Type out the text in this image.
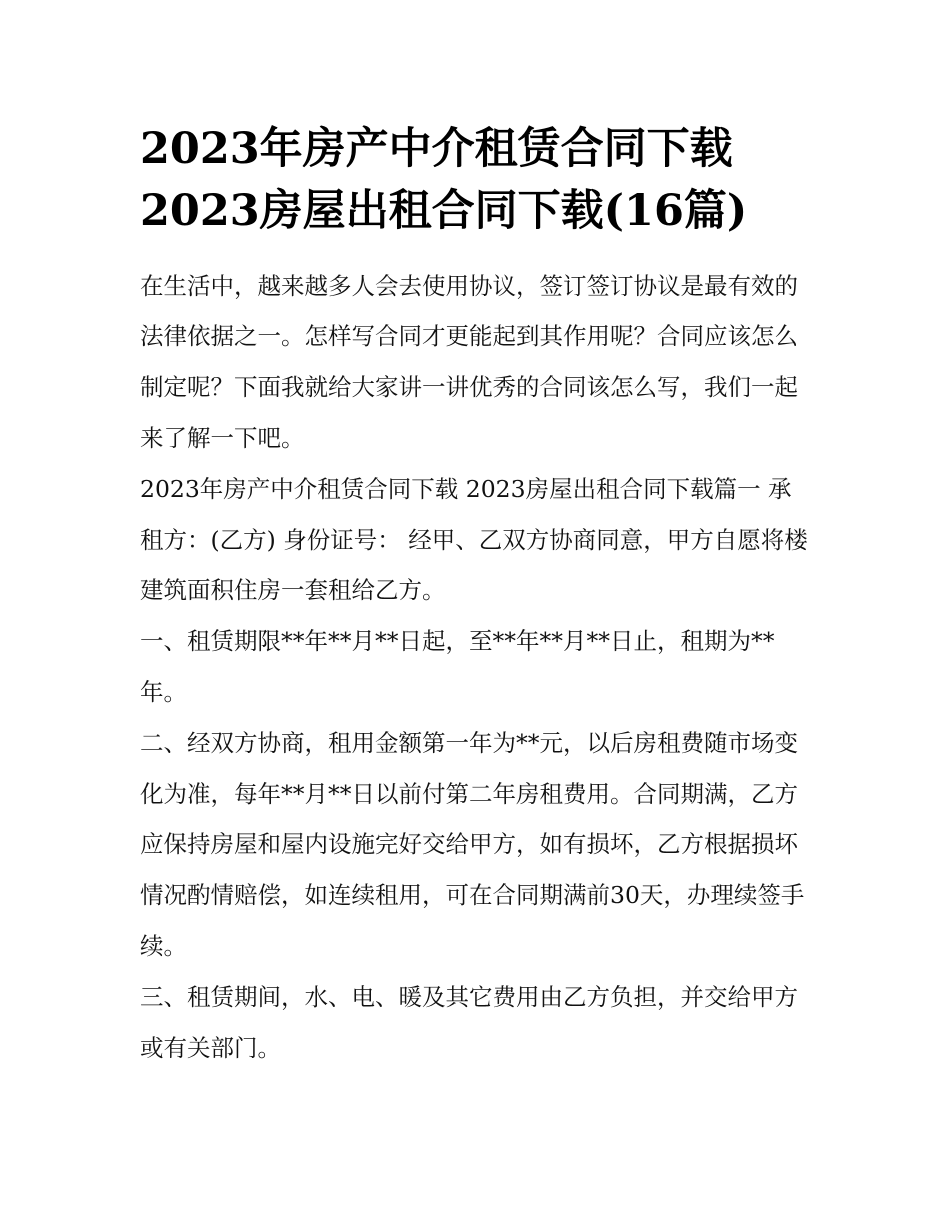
2023年房产中介租赁合同下载
2023房屋出租合同下载(16篇)

在生活中，越来越多人会去使用协议，签订签订协议是最有效的法律依据之一。怎样写合同才更能起到其作用呢？合同应该怎么制定呢？下面我就给大家讲一讲优秀的合同该怎么写，我们一起来了解一下吧。

2023年房产中介租赁合同下载 2023房屋出租合同下载篇一 承租方：(乙方) 身份证号： 经甲、乙双方协商同意，甲方自愿将楼建筑面积住房一套租给乙方。

一、租赁期限**年**月**日起，至**年**月**日止，租期为**年。

二、经双方协商，租用金额第一年为**元，以后房租费随市场变化为准，每年**月**日以前付第二年房租费用。合同期满，乙方应保持房屋和屋内设施完好交给甲方，如有损坏，乙方根据损坏情况酌情赔偿，如连续租用，可在合同期满前30天，办理续签手续。

三、租赁期间，水、电、暖及其它费用由乙方负担，并交给甲方或有关部门。
